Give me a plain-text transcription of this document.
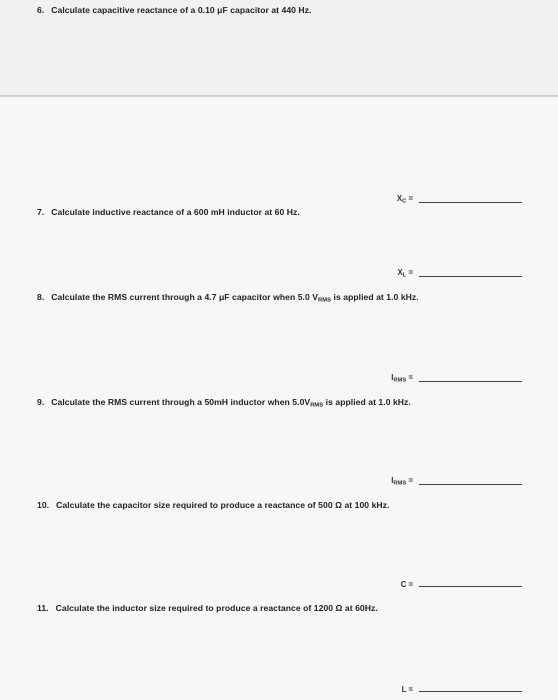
6. Calculate capacitive reactance of a 0.10 μF capacitor at 440 Hz.
$X_C$ =
7. Calculate inductive reactance of a 600 mH inductor at 60 Hz.
$X_L$ =
8. Calculate the RMS current through a 4.7 μF capacitor when 5.0 $V_{RMS}$ is applied at 1.0 kHz.
$I_{RMS}$ =
9. Calculate the RMS current through a 50mH inductor when $5.0V_{RMS}$ is applied at 1.0 kHz.
$I_{RMS}$ =
10. Calculate the capacitor size required to produce a reactance of 500 Ω at 100 kHz.
C =
11. Calculate the inductor size required to produce a reactance of 1200 Ω at 60Hz.
L =
